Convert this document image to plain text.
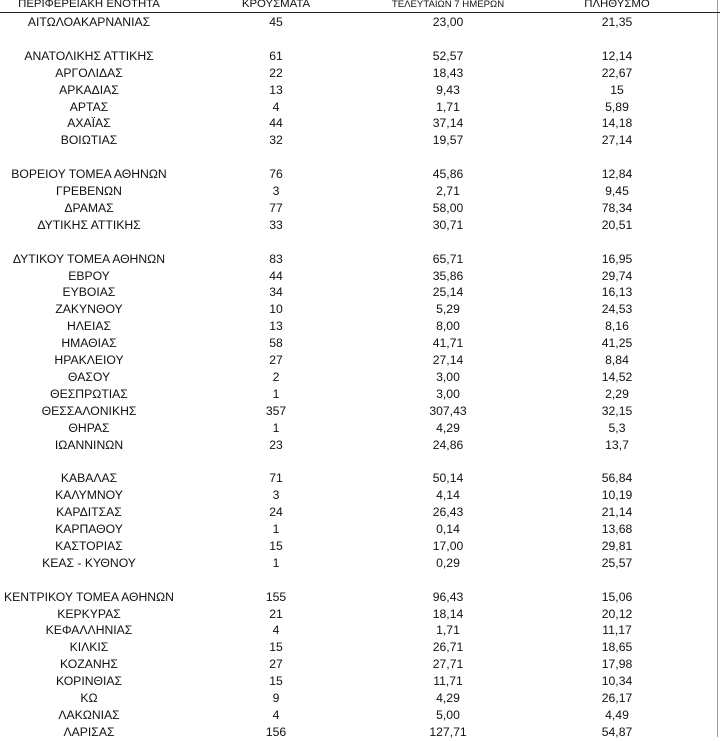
ΠΕΡΙΦΕΡΕΙΑΚΗ ΕΝΟΤΗΤΑ	ΚΡΟΥΣΜΑΤΑ	ΤΕΛΕΥΤΑΙΩΝ 7 ΗΜΕΡΩΝ	ΠΛΗΘΥΣΜΟ
ΑΙΤΩΛΟΑΚΑΡΝΑΝΙΑΣ	45	23,00	21,35
ΑΝΑΤΟΛΙΚΗΣ ΑΤΤΙΚΗΣ	61	52,57	12,14
ΑΡΓΟΛΙΔΑΣ	22	18,43	22,67
ΑΡΚΑΔΙΑΣ	13	9,43	15
ΑΡΤΑΣ	4	1,71	5,89
ΑΧΑΪΑΣ	44	37,14	14,18
ΒΟΙΩΤΙΑΣ	32	19,57	27,14
ΒΟΡΕΙΟΥ ΤΟΜΕΑ ΑΘΗΝΩΝ	76	45,86	12,84
ΓΡΕΒΕΝΩΝ	3	2,71	9,45
ΔΡΑΜΑΣ	77	58,00	78,34
ΔΥΤΙΚΗΣ ΑΤΤΙΚΗΣ	33	30,71	20,51
ΔΥΤΙΚΟΥ ΤΟΜΕΑ ΑΘΗΝΩΝ	83	65,71	16,95
ΕΒΡΟΥ	44	35,86	29,74
ΕΥΒΟΙΑΣ	34	25,14	16,13
ΖΑΚΥΝΘΟΥ	10	5,29	24,53
ΗΛΕΙΑΣ	13	8,00	8,16
ΗΜΑΘΙΑΣ	58	41,71	41,25
ΗΡΑΚΛΕΙΟΥ	27	27,14	8,84
ΘΑΣΟΥ	2	3,00	14,52
ΘΕΣΠΡΩΤΙΑΣ	1	3,00	2,29
ΘΕΣΣΑΛΟΝΙΚΗΣ	357	307,43	32,15
ΘΗΡΑΣ	1	4,29	5,3
ΙΩΑΝΝΙΝΩΝ	23	24,86	13,7
ΚΑΒΑΛΑΣ	71	50,14	56,84
ΚΑΛΥΜΝΟΥ	3	4,14	10,19
ΚΑΡΔΙΤΣΑΣ	24	26,43	21,14
ΚΑΡΠΑΘΟΥ	1	0,14	13,68
ΚΑΣΤΟΡΙΑΣ	15	17,00	29,81
ΚΕΑΣ - ΚΥΘΝΟΥ	1	0,29	25,57
ΚΕΝΤΡΙΚΟΥ ΤΟΜΕΑ ΑΘΗΝΩΝ	155	96,43	15,06
ΚΕΡΚΥΡΑΣ	21	18,14	20,12
ΚΕΦΑΛΛΗΝΙΑΣ	4	1,71	11,17
ΚΙΛΚΙΣ	15	26,71	18,65
ΚΟΖΑΝΗΣ	27	27,71	17,98
ΚΟΡΙΝΘΙΑΣ	15	11,71	10,34
ΚΩ	9	4,29	26,17
ΛΑΚΩΝΙΑΣ	4	5,00	4,49
ΛΑΡΙΣΑΣ	156	127,71	54,87
